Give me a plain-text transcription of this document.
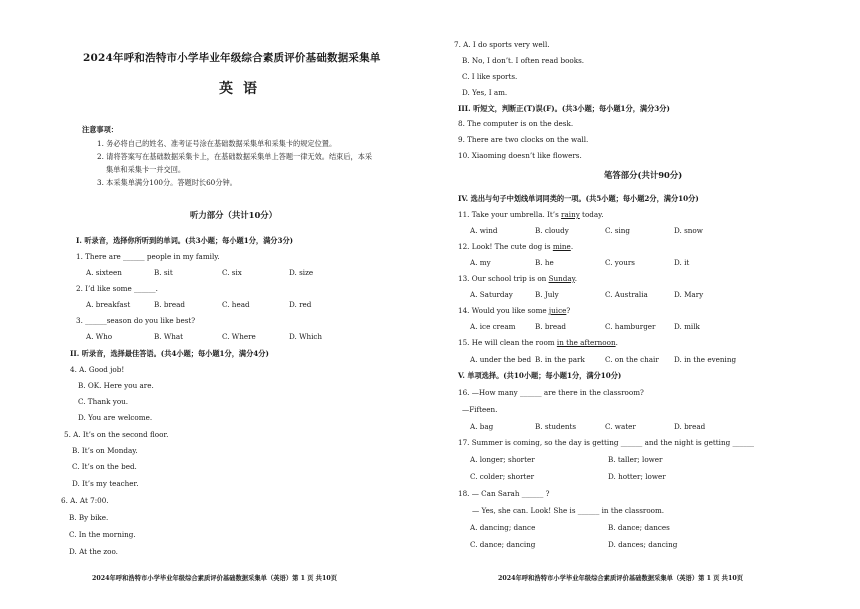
2024年呼和浩特市小学毕业年级综合素质评价基础数据采集单
英语
注意事项：
1. 务必将自己的姓名、准考证号涂在基础数据采集单和采集卡的规定位置。
2. 请将答案写在基础数据采集卡上，在基础数据采集单上答题一律无效。结束后，本采
集单和采集卡一并交回。
3. 本采集单满分100分。答题时长60分钟。
听力部分（共计10分）
I. 听录音，选择你所听到的单词。(共3小题；每小题1分，满分3分)
1. There are ______ people in my family.
A. sixteen	B. sit	C. six	D. size
2. I’d like some ______.
A. breakfast	B. bread	C. head	D. red
3. ______season do you like best?
A. Who	B. What	C. Where	D. Which
II. 听录音，选择最佳答语。(共4小题；每小题1分，满分4分)
4. A. Good job!
B. OK. Here you are.
C. Thank you.
D. You are welcome.
5. A. It’s on the second floor.
B. It’s on Monday.
C. It’s on the bed.
D. It’s my teacher.
6. A. At 7:00.
B. By bike.
C. In the morning.
D. At the zoo.
2024年呼和浩特市小学毕业年级综合素质评价基础数据采集单（英语）第 1 页 共10页
7. A. I do sports very well.
B. No, I don’t. I often read books.
C. I like sports.
D. Yes, I am.
III. 听短文，判断正(T)误(F)。(共3小题；每小题1分，满分3分)
8. The computer is on the desk.
9. There are two clocks on the wall.
10. Xiaoming doesn’t like flowers.
笔答部分(共计90分)
IV. 选出与句子中划线单词同类的一项。(共5小题；每小题2分，满分10分)
11. Take your umbrella. It’s rainy today.
A. wind	B. cloudy	C. sing	D. snow
12. Look! The cute dog is mine.
A. my	B. he	C. yours	D. it
13. Our school trip is on Sunday.
A. Saturday	B. July	C. Australia	D. Mary
14. Would you like some juice?
A. ice cream	B. bread	C. hamburger	D. milk
15. He will clean the room in the afternoon.
A. under the bed B. in the park	C. on the chair D. in the evening
V. 单项选择。(共10小题；每小题1分，满分10分)
16. —How many ______ are there in the classroom?
—Fifteen.
A. bag	B. students	C. water	D. bread
17. Summer is coming, so the day is getting ______ and the night is getting ______
A. longer; shorter	B. taller; lower
C. colder; shorter	D. hotter; lower
18. — Can Sarah ______ ?
— Yes, she can. Look! She is ______ in the classroom.
A. dancing; dance	B. dance; dances
C. dance; dancing	D. dances; dancing
2024年呼和浩特市小学毕业年级综合素质评价基础数据采集单（英语）第 1 页 共10页
